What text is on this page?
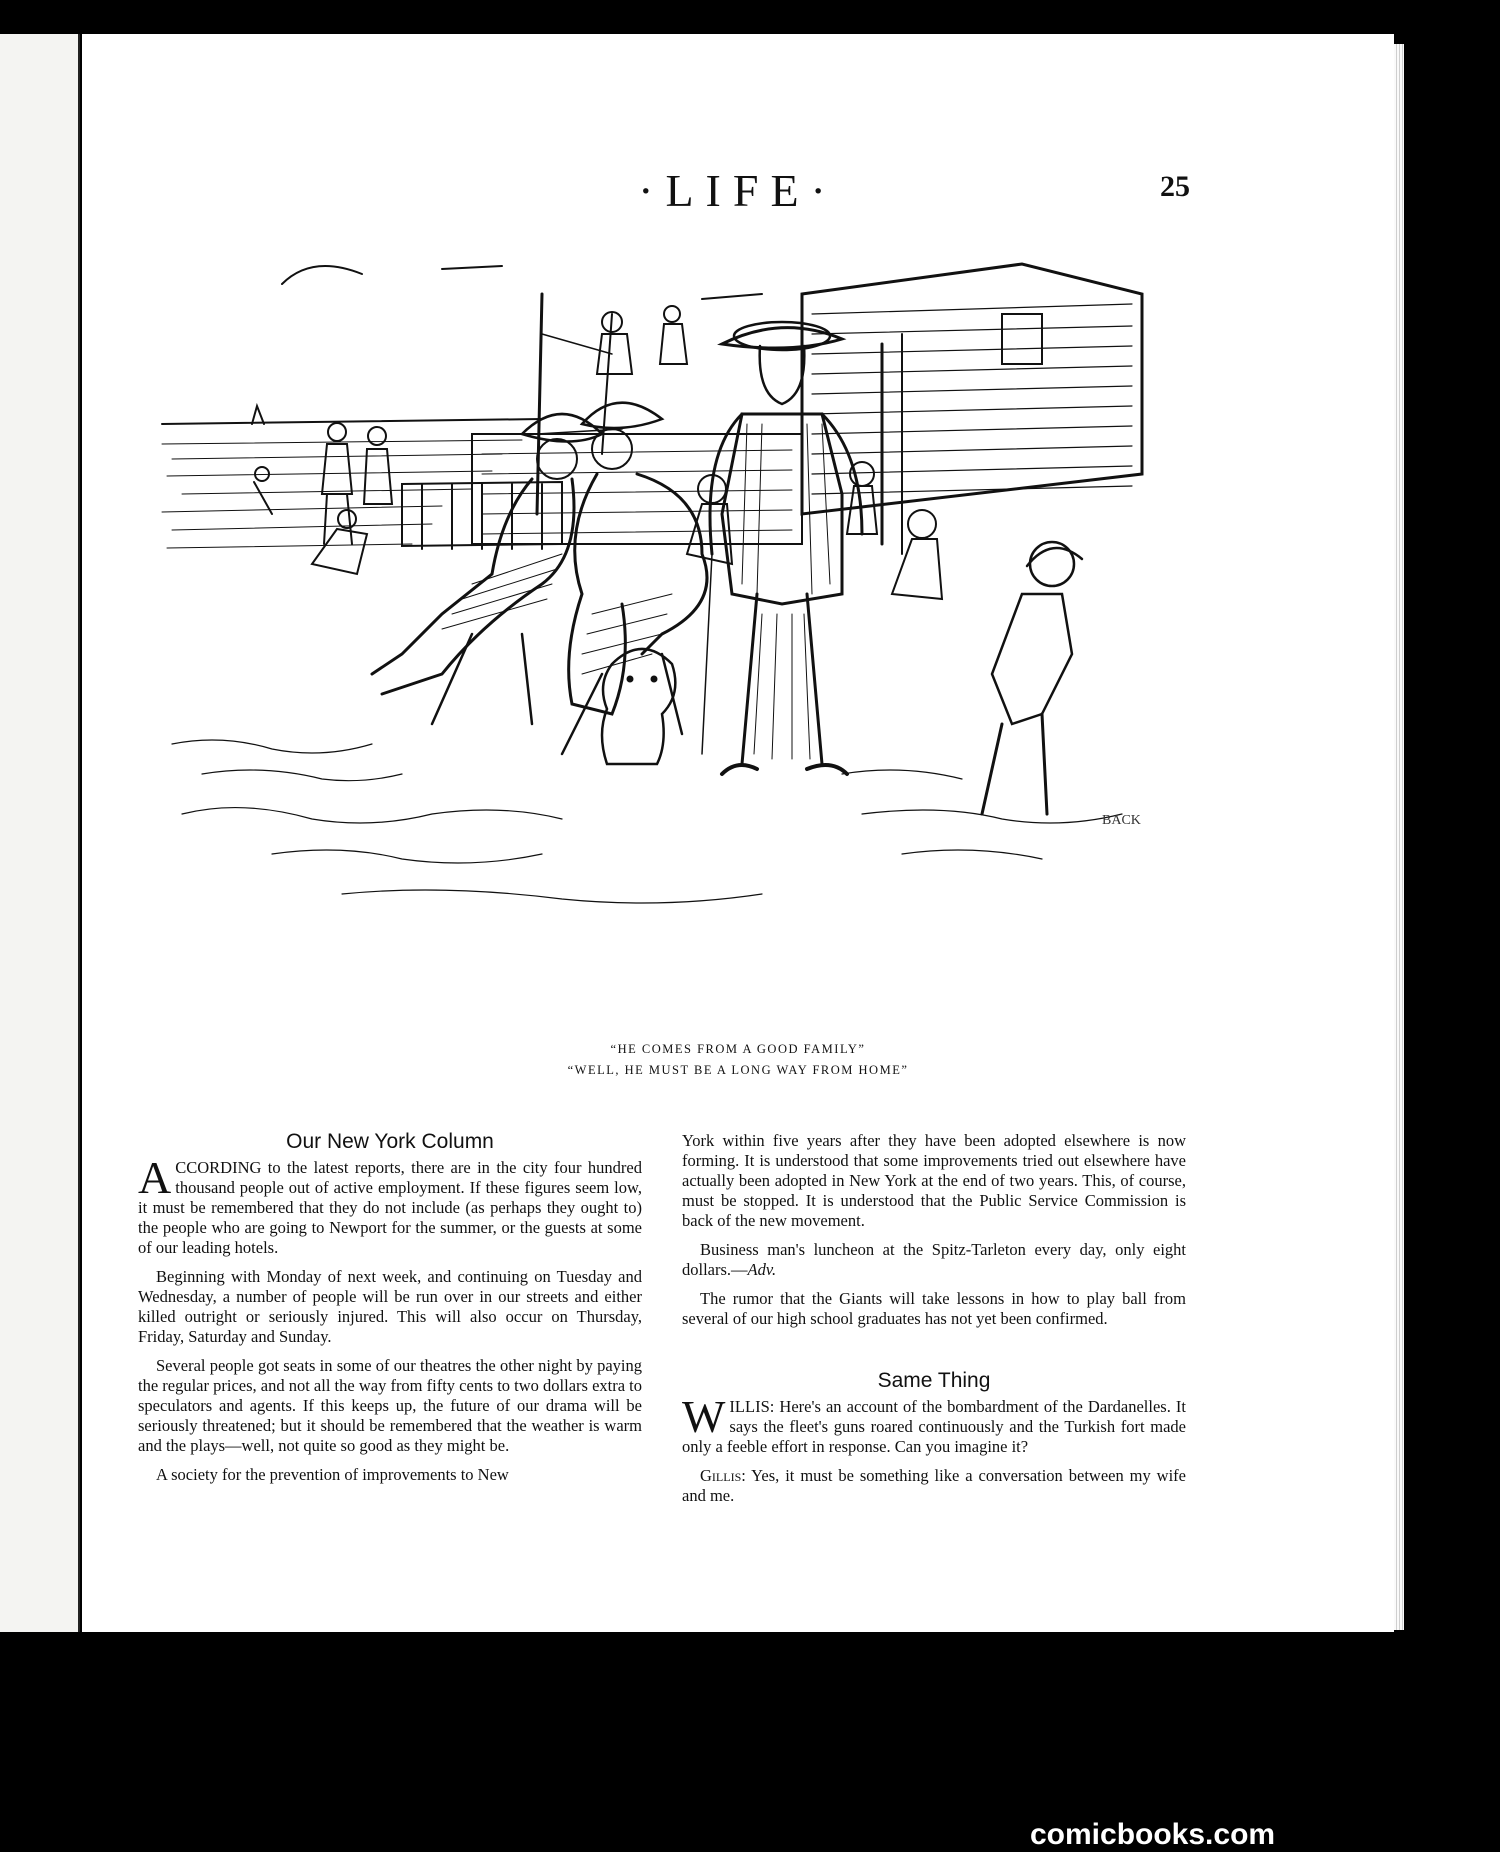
·LIFE·	25
BACK
“HE COMES FROM A GOOD FAMILY”
“WELL, HE MUST BE A LONG WAY FROM HOME”
Our New York Column

ACCORDING to the latest reports, there are in the city four hundred thousand people out of active employment. If these figures seem low, it must be remembered that they do not include (as perhaps they ought to) the people who are going to Newport for the summer, or the guests at some of our leading hotels.

Beginning with Monday of next week, and continuing on Tuesday and Wednesday, a number of people will be run over in our streets and either killed outright or seriously injured. This will also occur on Thursday, Friday, Saturday and Sunday.

Several people got seats in some of our theatres the other night by paying the regular prices, and not all the way from fifty cents to two dollars extra to speculators and agents. If this keeps up, the future of our drama will be seriously threatened; but it should be remembered that the weather is warm and the plays—well, not quite so good as they might be.

A society for the prevention of improvements to New

York within five years after they have been adopted elsewhere is now forming. It is understood that some improvements tried out elsewhere have actually been adopted in New York at the end of two years. This, of course, must be stopped. It is understood that the Public Service Commission is back of the new movement.

Business man's luncheon at the Spitz-Tarleton every day, only eight dollars.—Adv.

The rumor that the Giants will take lessons in how to play ball from several of our high school graduates has not yet been confirmed.

Same Thing

WILLIS: Here's an account of the bombardment of the Dardanelles. It says the fleet's guns roared continuously and the Turkish fort made only a feeble effort in response. Can you imagine it?

Gillis: Yes, it must be something like a conversation between my wife and me.

comicbooks.com
